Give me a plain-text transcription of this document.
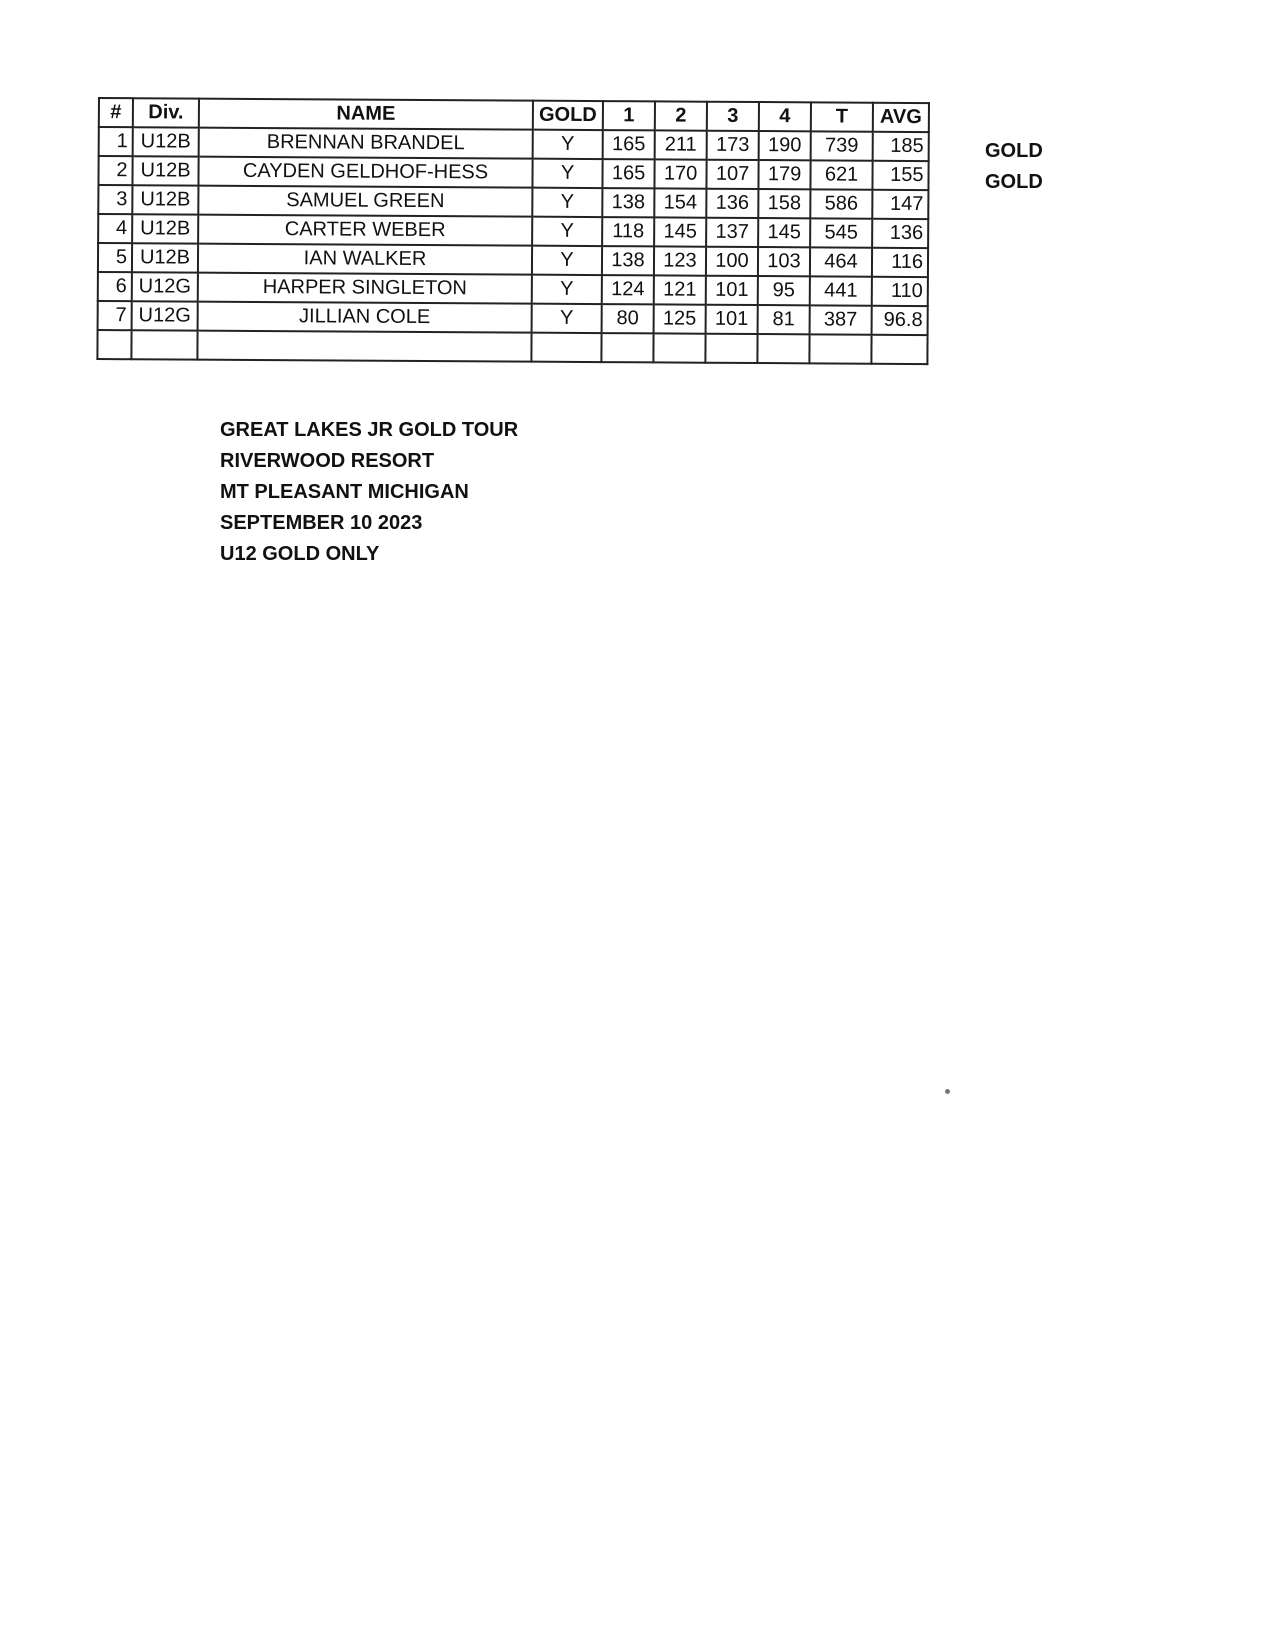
#	Div.	NAME	GOLD	1	2	3	4	T	AVG
1	U12B	BRENNAN BRANDEL	Y	165	211	173	190	739	185
2	U12B	CAYDEN GELDHOF-HESS	Y	165	170	107	179	621	155
3	U12B	SAMUEL GREEN	Y	138	154	136	158	586	147
4	U12B	CARTER WEBER	Y	118	145	137	145	545	136
5	U12B	IAN WALKER	Y	138	123	100	103	464	116
6	U12G	HARPER SINGLETON	Y	124	121	101	95	441	110
7	U12G	JILLIAN COLE	Y	80	125	101	81	387	96.8

GOLD
GOLD
GREAT LAKES JR GOLD TOUR
RIVERWOOD RESORT
MT PLEASANT MICHIGAN
SEPTEMBER 10 2023
U12 GOLD ONLY
